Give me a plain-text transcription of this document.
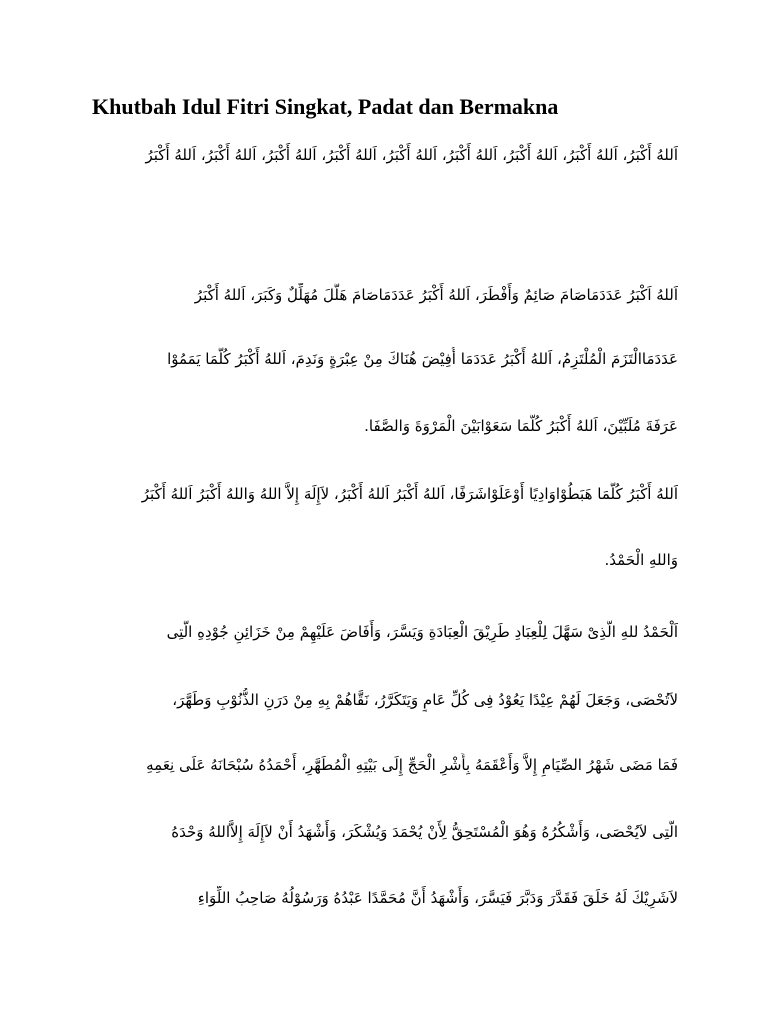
Khutbah Idul Fitri Singkat, Padat dan Bermakna
اَللهُ أَكْبَرُ، اَللهُ أَكْبَرُ، اَللهُ أَكْبَرُ، اَللهُ أَكْبَرُ، اَللهُ أَكْبَرُ، اَللهُ أَكْبَرُ، اَللهُ أَكْبَرُ، اَللهُ أَكْبَرُ، اَللهُ أَكْبَرُ
اَللهُ اَكْبَرُ عَدَدَمَاصَامَ صَائِمٌ وَأَفْطَرَ، اَللهُ أَكْبَرُ عَدَدَمَاصَامَ هَلَّلَ مُهَلِّلٌ وَكَبَرَ، اَللهُ أَكْبَرُ
عَدَدَمَاالْتَزَمَ الْمُلْتَزِمُ، اَللهُ أَكْبَرُ عَدَدَمَا أُفِيْضَ هُنَاكَ مِنْ عِبْرَةٍ وَنَدِمَ، اَللهُ أَكْبَرُ كُلَّمَا يَمَمُوْا
عَرَفَةَ مُلَبِّيْنَ، اَللهُ أَكْبَرُ كُلَّمَا سَعَوْابَيْنَ الْمَرْوَةَ وَالصَّفَا.
اَللهُ أَكْبَرُ كُلَّمَا هَبَطُوْاوَادِيًا أَوْعَلَوْاشَرَفًا، اَللهُ أَكْبَرُ اَللهُ أَكْبَرُ، لاَإِلَهَ إِلاَّ اللهُ وَاللهُ أَكْبَرُ اَللهُ أَكْبَرُ
وَاللهِ الْحَمْدُ.
اَلْحَمْدُ للهِ الَّذِىْ سَهَّلَ لِلْعِبَادِ طَرِيْقَ الْعِبَادَةِ وَيَسَّرَ، وَأَفَاضَ عَلَيْهِمْ مِنْ خَزَائِنِ جُوْدِهِ الَّتِى
لاَتُحْصَى، وَجَعَلَ لَهُمْ عِيْدًا يَعُوْدُ فِى كُلِّ عَامٍ وَيَتَكَرَّرُ، نَقَّاهُمْ بِهِ مِنْ دَرَنِ الذُّنُوْبِ وَطَهَّرَ،
فَمَا مَضَى شَهْرُ الصِّيَامِ إِلاَّ وَأَعْقَمَهُ بِأَشْرِ الْحَجِّ إِلَى بَيْتِهِ الْمُطَهَّرِ، أَحْمَدُهُ سُبْحَانَهُ عَلَى نِعَمِهِ
الَّتِى لاَيُحْصَى، وَأَشْكُرُهُ وَهُوَ الْمُسْتَحِقُّ لِأَنْ يُحْمَدَ وَيُشْكَرَ، وَأَشْهَدُ أَنْ لاَإِلَهَ إِلاَّاللهُ وَحْدَهُ
لاَشَرِيْكَ لَهُ خَلَقَ فَقَدَّرَ وَدَبَّرَ فَيَسَّرَ، وَأَشْهَدُ أَنَّ مُحَمَّدًا عَبْدُهُ وَرَسُوْلُهُ صَاحِبُ اللِّوَاءِ
